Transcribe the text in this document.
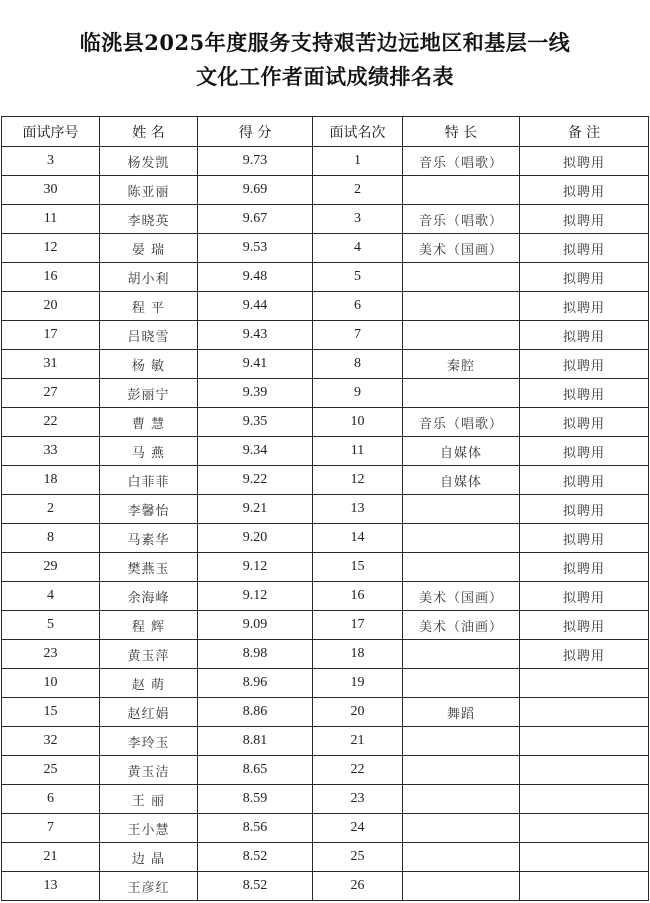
临洮县2025年度服务支持艰苦边远地区和基层一线
文化工作者面试成绩排名表
面试序号	姓 名	得 分	面试名次	特 长	备 注
3	杨发凯	9.73	1	音乐（唱歌）	拟聘用
30	陈亚丽	9.69	2		拟聘用
11	李晓英	9.67	3	音乐（唱歌）	拟聘用
12	晏 瑞	9.53	4	美术（国画）	拟聘用
16	胡小利	9.48	5		拟聘用
20	程 平	9.44	6		拟聘用
17	吕晓雪	9.43	7		拟聘用
31	杨 敏	9.41	8	秦腔	拟聘用
27	彭丽宁	9.39	9		拟聘用
22	曹 慧	9.35	10	音乐（唱歌）	拟聘用
33	马 燕	9.34	11	自媒体	拟聘用
18	白菲菲	9.22	12	自媒体	拟聘用
2	李馨怡	9.21	13		拟聘用
8	马素华	9.20	14		拟聘用
29	樊燕玉	9.12	15		拟聘用
4	余海峰	9.12	16	美术（国画）	拟聘用
5	程 辉	9.09	17	美术（油画）	拟聘用
23	黄玉萍	8.98	18		拟聘用
10	赵 萌	8.96	19		
15	赵红娟	8.86	20	舞蹈	
32	李玲玉	8.81	21		
25	黄玉洁	8.65	22		
6	王 丽	8.59	23		
7	王小慧	8.56	24		
21	边 晶	8.52	25		
13	王彦红	8.52	26		
